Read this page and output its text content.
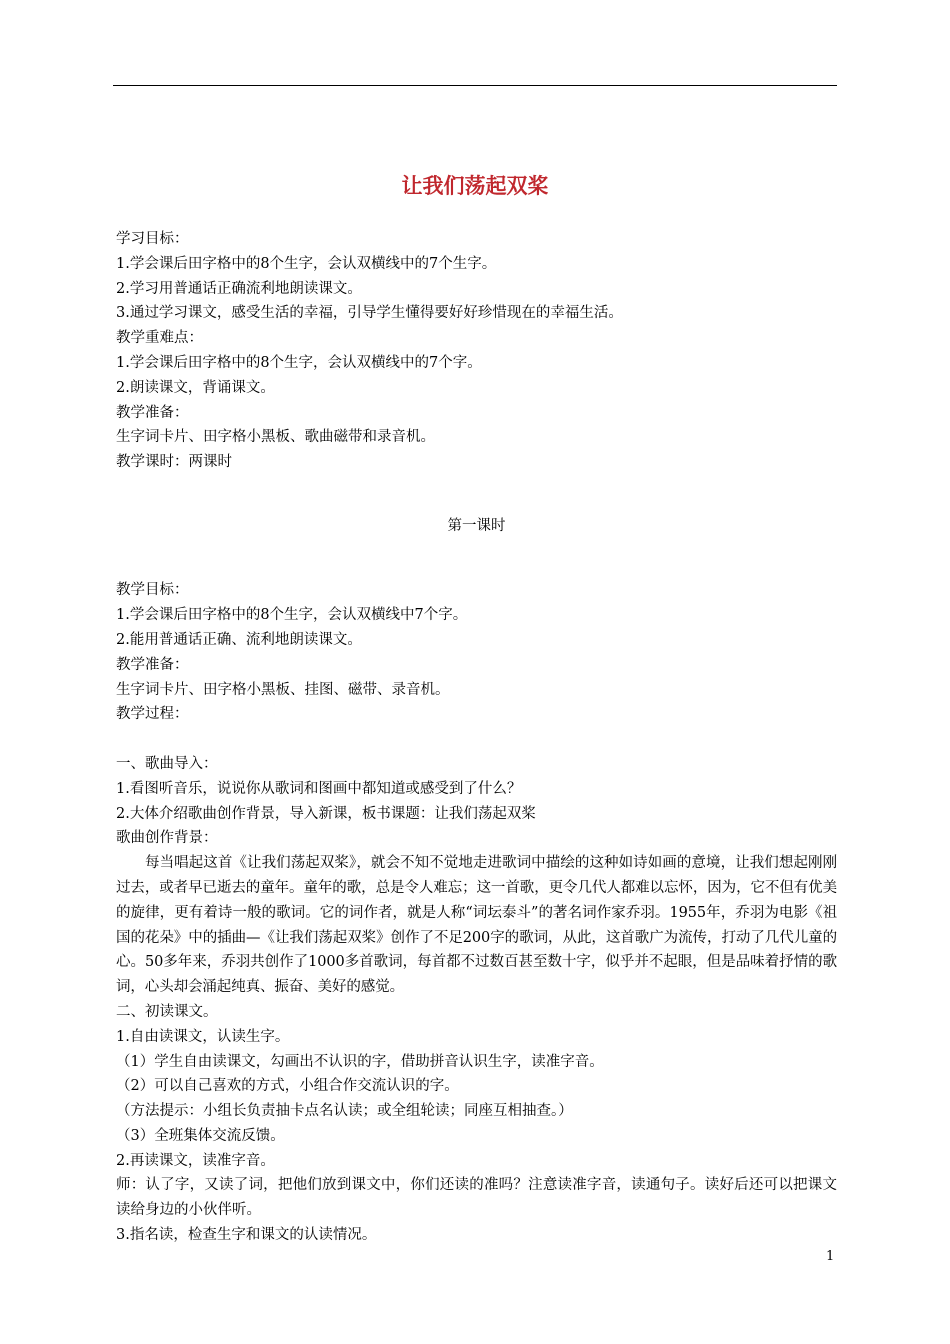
让我们荡起双桨

学习目标：

1.学会课后田字格中的8个生字，会认双横线中的7个生字。

2.学习用普通话正确流利地朗读课文。

3.通过学习课文，感受生活的幸福，引导学生懂得要好好珍惜现在的幸福生活。

教学重难点：

1.学会课后田字格中的8个生字，会认双横线中的7个字。

2.朗读课文，背诵课文。

教学准备：

生字词卡片、田字格小黑板、歌曲磁带和录音机。

教学课时：两课时

第一课时

教学目标：

1.学会课后田字格中的8个生字，会认双横线中7个字。

2.能用普通话正确、流利地朗读课文。

教学准备：

生字词卡片、田字格小黑板、挂图、磁带、录音机。

教学过程：

一、歌曲导入：

1.看图听音乐，说说你从歌词和图画中都知道或感受到了什么？

2.大体介绍歌曲创作背景，导入新课，板书课题：让我们荡起双桨

歌曲创作背景：

每当唱起这首《让我们荡起双桨》，就会不知不觉地走进歌词中描绘的这种如诗如画的意境，让我们想起刚刚过去，或者早已逝去的童年。童年的歌，总是令人难忘；这一首歌，更令几代人都难以忘怀，因为，它不但有优美的旋律，更有着诗一般的歌词。它的词作者，就是人称“词坛泰斗”的著名词作家乔羽。1955年，乔羽为电影《祖国的花朵》中的插曲—《让我们荡起双桨》创作了不足200字的歌词，从此，这首歌广为流传，打动了几代儿童的心。50多年来，乔羽共创作了1000多首歌词，每首都不过数百甚至数十字，似乎并不起眼，但是品味着抒情的歌词，心头却会涌起纯真、振奋、美好的感觉。

二、初读课文。

1.自由读课文，认读生字。

（1）学生自由读课文，勾画出不认识的字，借助拼音认识生字，读准字音。

（2）可以自己喜欢的方式，小组合作交流认识的字。

（方法提示：小组长负责抽卡点名认读；或全组轮读；同座互相抽查。）

（3）全班集体交流反馈。

2.再读课文，读准字音。

师：认了字，又读了词，把他们放到课文中，你们还读的准吗？注意读准字音，读通句子。读好后还可以把课文读给身边的小伙伴听。

3.指名读，检查生字和课文的认读情况。

1
